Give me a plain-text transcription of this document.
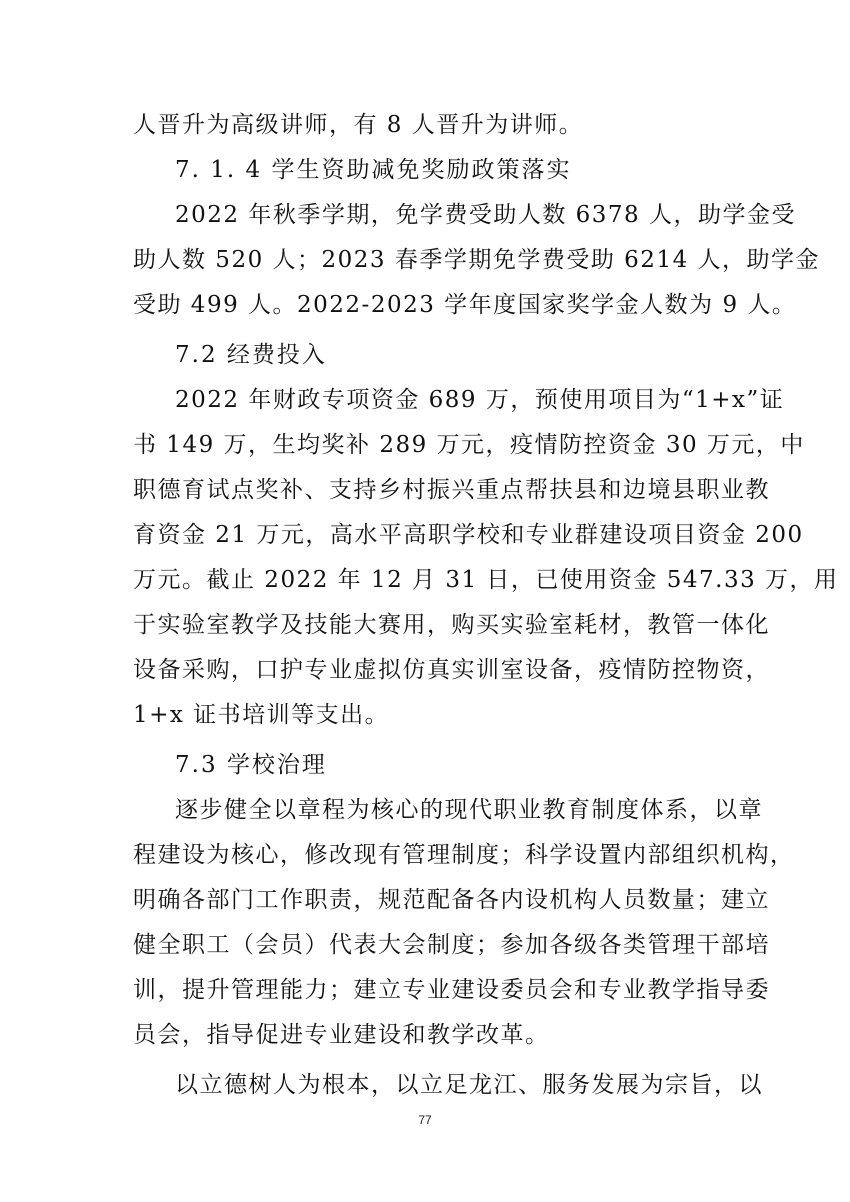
人晋升为高级讲师，有 8 人晋升为讲师。
7. 1. 4 学生资助减免奖励政策落实
2022 年秋季学期，免学费受助人数 6378 人，助学金受
助人数 520 人；2023 春季学期免学费受助 6214 人，助学金
受助 499 人。2022-2023 学年度国家奖学金人数为 9 人。
7.2 经费投入
2022 年财政专项资金 689 万，预使用项目为“1+x”证
书 149 万，生均奖补 289 万元，疫情防控资金 30 万元，中
职德育试点奖补、支持乡村振兴重点帮扶县和边境县职业教
育资金 21 万元，高水平高职学校和专业群建设项目资金 200
万元。截止 2022 年 12 月 31 日，已使用资金 547.33 万，用
于实验室教学及技能大赛用，购买实验室耗材，教管一体化
设备采购，口护专业虚拟仿真实训室设备，疫情防控物资，
1+x 证书培训等支出。
7.3 学校治理
逐步健全以章程为核心的现代职业教育制度体系，以章
程建设为核心，修改现有管理制度；科学设置内部组织机构，
明确各部门工作职责，规范配备各内设机构人员数量；建立
健全职工（会员）代表大会制度；参加各级各类管理干部培
训，提升管理能力；建立专业建设委员会和专业教学指导委
员会，指导促进专业建设和教学改革。
以立德树人为根本，以立足龙江、服务发展为宗旨，以
77
